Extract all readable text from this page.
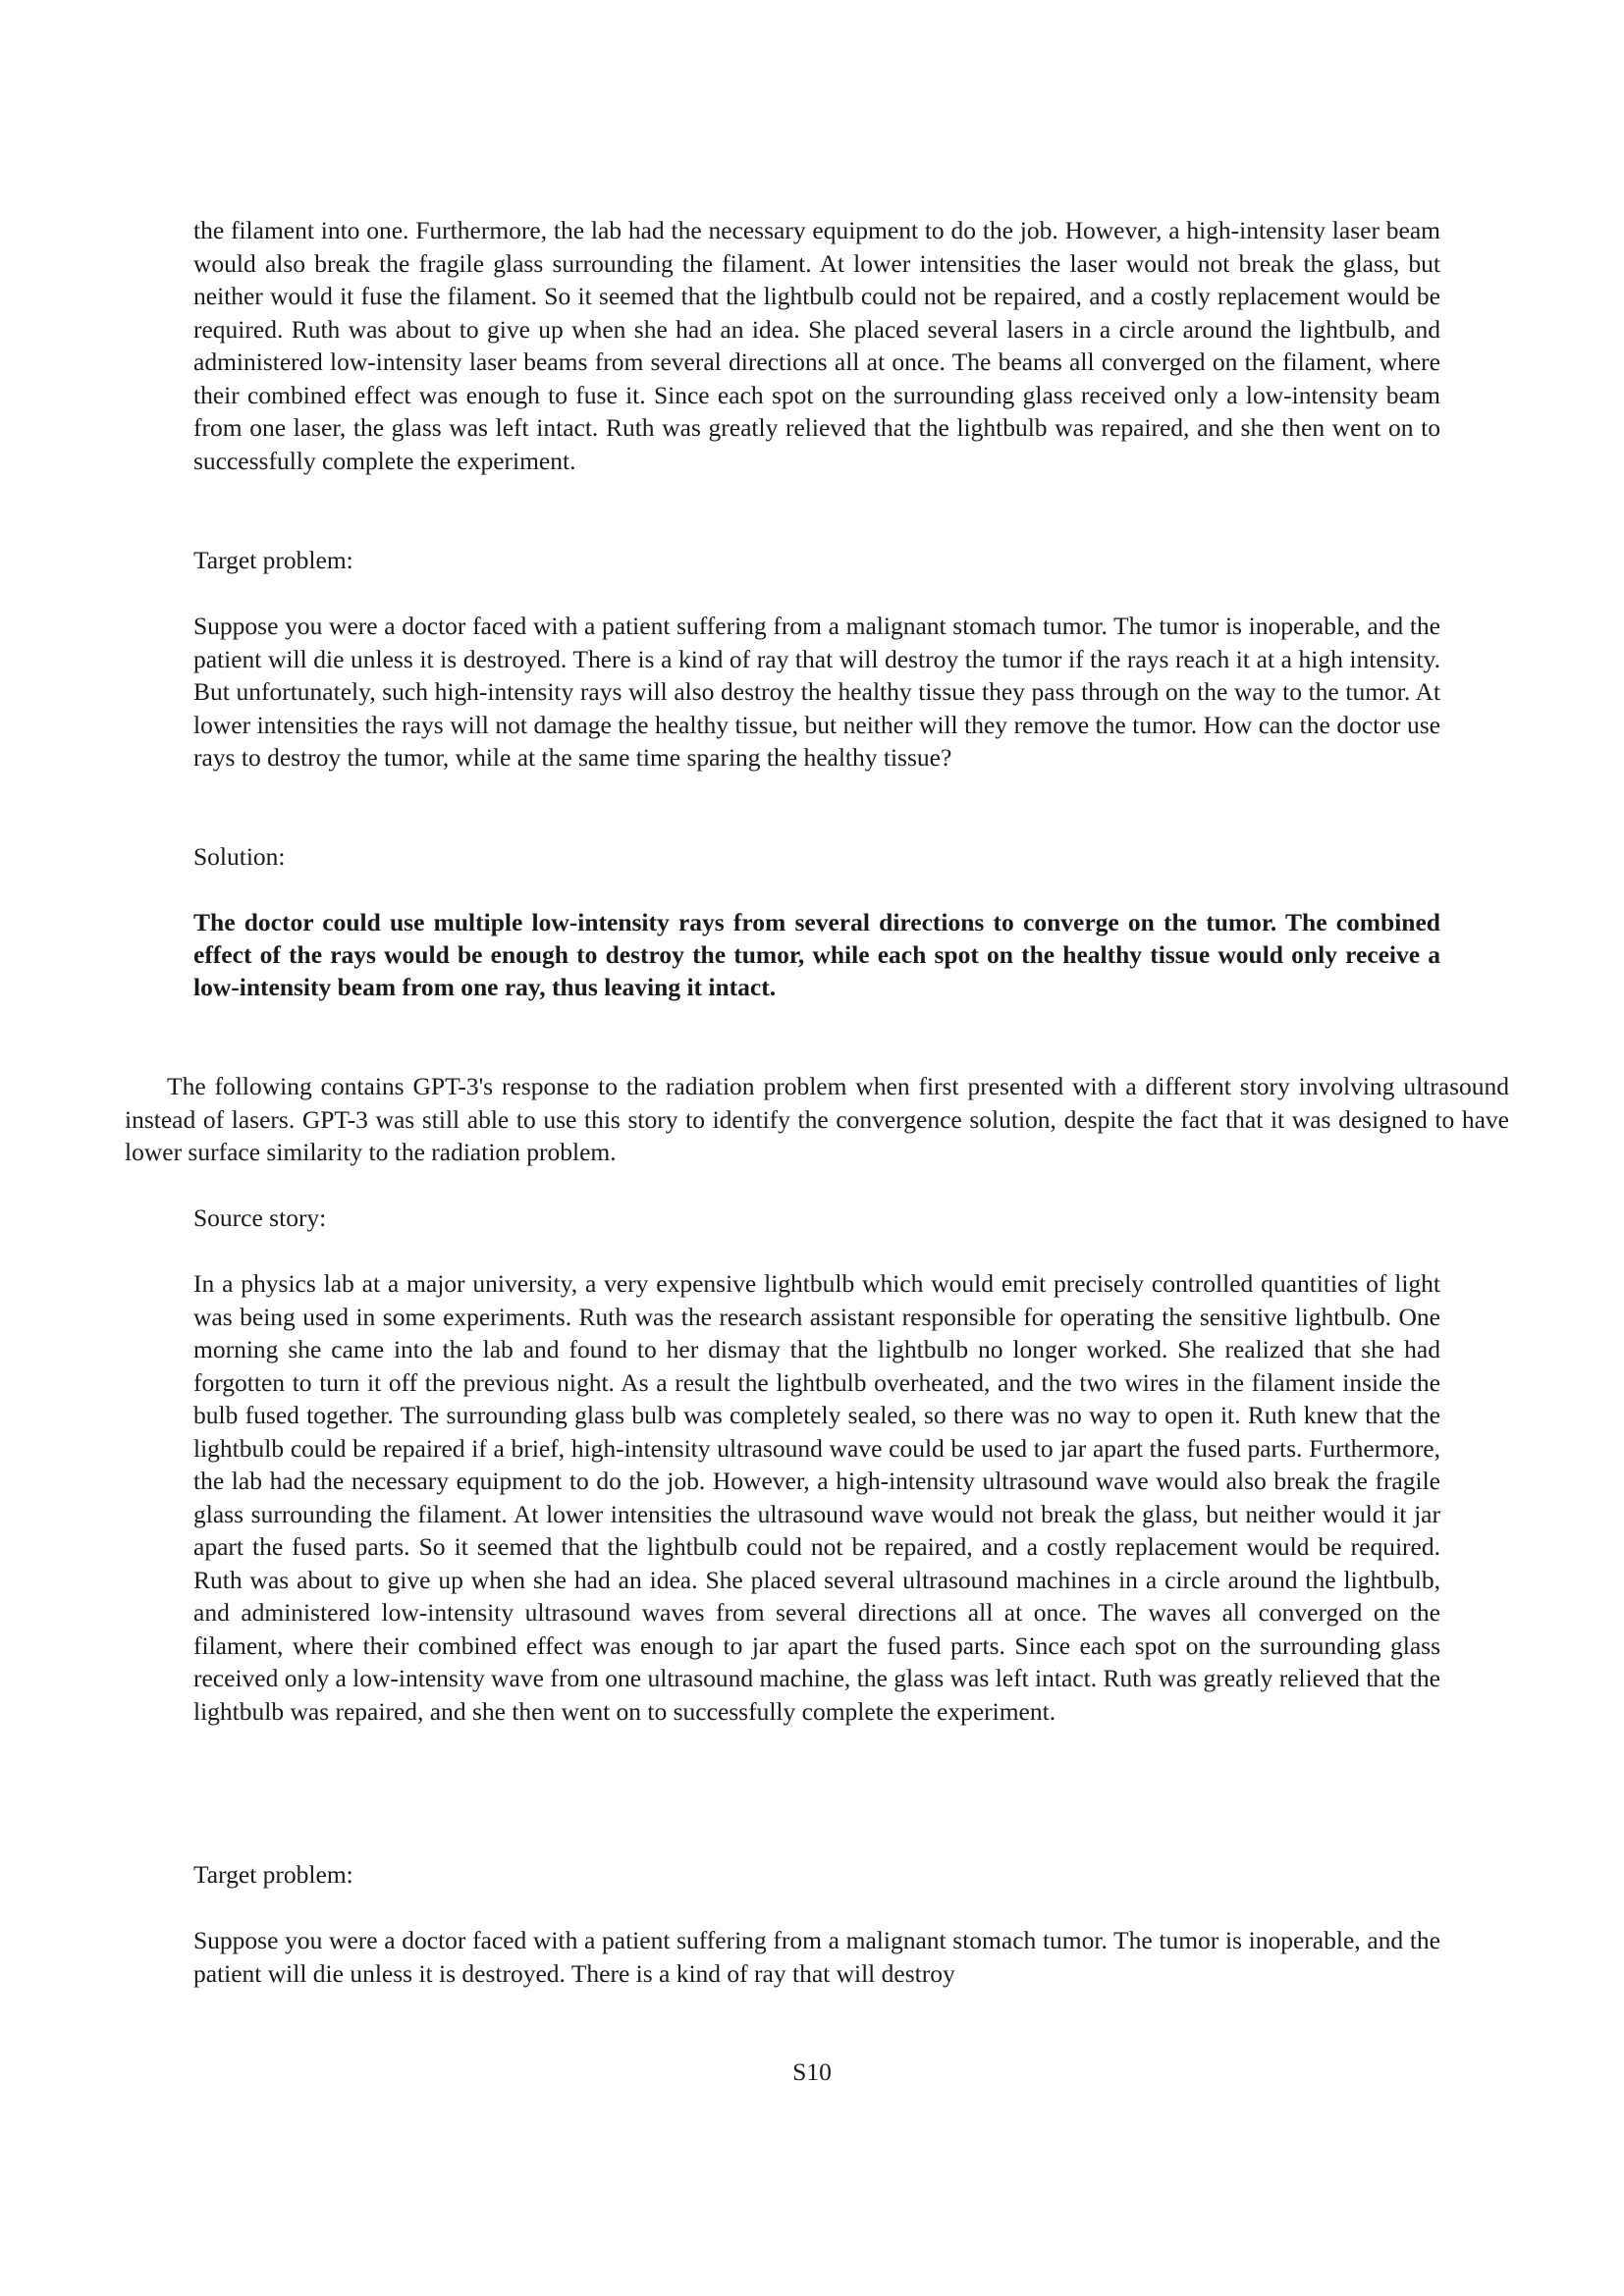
the filament into one. Furthermore, the lab had the necessary equipment to do the job. However, a high-intensity laser beam would also break the fragile glass surrounding the filament. At lower intensities the laser would not break the glass, but neither would it fuse the filament. So it seemed that the lightbulb could not be repaired, and a costly replacement would be required. Ruth was about to give up when she had an idea. She placed several lasers in a circle around the lightbulb, and administered low-intensity laser beams from several directions all at once. The beams all converged on the filament, where their combined effect was enough to fuse it. Since each spot on the surrounding glass received only a low-intensity beam from one laser, the glass was left intact. Ruth was greatly relieved that the lightbulb was repaired, and she then went on to successfully complete the experiment.

Target problem:

Suppose you were a doctor faced with a patient suffering from a malignant stomach tumor. The tumor is inoperable, and the patient will die unless it is destroyed. There is a kind of ray that will destroy the tumor if the rays reach it at a high intensity. But unfortunately, such high-intensity rays will also destroy the healthy tissue they pass through on the way to the tumor. At lower intensities the rays will not damage the healthy tissue, but neither will they remove the tumor. How can the doctor use rays to destroy the tumor, while at the same time sparing the healthy tissue?

Solution:

The doctor could use multiple low-intensity rays from several directions to converge on the tumor. The combined effect of the rays would be enough to destroy the tumor, while each spot on the healthy tissue would only receive a low-intensity beam from one ray, thus leaving it intact.

The following contains GPT-3's response to the radiation problem when first presented with a different story involving ultrasound instead of lasers. GPT-3 was still able to use this story to identify the convergence solution, despite the fact that it was designed to have lower surface similarity to the radiation problem.

Source story:

In a physics lab at a major university, a very expensive lightbulb which would emit precisely controlled quantities of light was being used in some experiments. Ruth was the research assistant responsible for operating the sensitive lightbulb. One morning she came into the lab and found to her dismay that the lightbulb no longer worked. She realized that she had forgotten to turn it off the previous night. As a result the lightbulb overheated, and the two wires in the filament inside the bulb fused together. The surrounding glass bulb was completely sealed, so there was no way to open it. Ruth knew that the lightbulb could be repaired if a brief, high-intensity ultrasound wave could be used to jar apart the fused parts. Furthermore, the lab had the necessary equipment to do the job. However, a high-intensity ultrasound wave would also break the fragile glass surrounding the filament. At lower intensities the ultrasound wave would not break the glass, but neither would it jar apart the fused parts. So it seemed that the lightbulb could not be repaired, and a costly replacement would be required. Ruth was about to give up when she had an idea. She placed several ultrasound machines in a circle around the lightbulb, and administered low-intensity ultrasound waves from several directions all at once. The waves all converged on the filament, where their combined effect was enough to jar apart the fused parts. Since each spot on the surrounding glass received only a low-intensity wave from one ultrasound machine, the glass was left intact. Ruth was greatly relieved that the lightbulb was repaired, and she then went on to successfully complete the experiment.

Target problem:

Suppose you were a doctor faced with a patient suffering from a malignant stomach tumor. The tumor is inoperable, and the patient will die unless it is destroyed. There is a kind of ray that will destroy

S10
